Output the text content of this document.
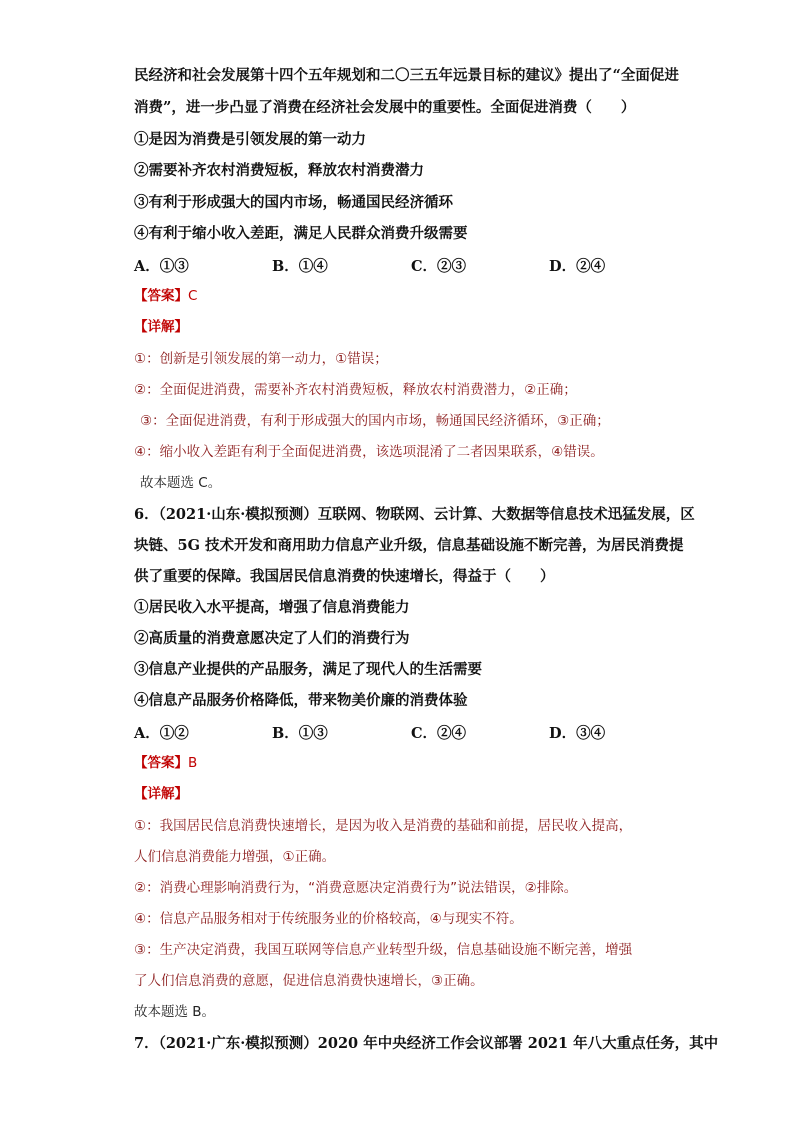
民经济和社会发展第十四个五年规划和二〇三五年远景目标的建议》提出了“全面促进
消费”，进一步凸显了消费在经济社会发展中的重要性。全面促进消费（　　）
①是因为消费是引领发展的第一动力
②需要补齐农村消费短板，释放农村消费潜力
③有利于形成强大的国内市场，畅通国民经济循环
④有利于缩小收入差距，满足人民群众消费升级需要
A．①③	B．①④	C．②③	D．②④
【答案】C
【详解】
①：创新是引领发展的第一动力，①错误；
②：全面促进消费，需要补齐农村消费短板，释放农村消费潜力，②正确；
③：全面促进消费，有利于形成强大的国内市场，畅通国民经济循环，③正确；
④：缩小收入差距有利于全面促进消费，该选项混淆了二者因果联系，④错误。
故本题选 C。
6．（2021·山东·模拟预测）互联网、物联网、云计算、大数据等信息技术迅猛发展，区
块链、5G 技术开发和商用助力信息产业升级，信息基础设施不断完善，为居民消费提
供了重要的保障。我国居民信息消费的快速增长，得益于（　　）
①居民收入水平提高，增强了信息消费能力
②高质量的消费意愿决定了人们的消费行为
③信息产业提供的产品服务，满足了现代人的生活需要
④信息产品服务价格降低，带来物美价廉的消费体验
A．①②	B．①③	C．②④	D．③④
【答案】B
【详解】
①：我国居民信息消费快速增长，是因为收入是消费的基础和前提，居民收入提高，
人们信息消费能力增强，①正确。
②：消费心理影响消费行为，“消费意愿决定消费行为”说法错误，②排除。
④：信息产品服务相对于传统服务业的价格较高，④与现实不符。
③：生产决定消费，我国互联网等信息产业转型升级，信息基础设施不断完善，增强
了人们信息消费的意愿，促进信息消费快速增长，③正确。
故本题选 B。
7．（2021·广东·模拟预测）2020 年中央经济工作会议部署 2021 年八大重点任务，其中
